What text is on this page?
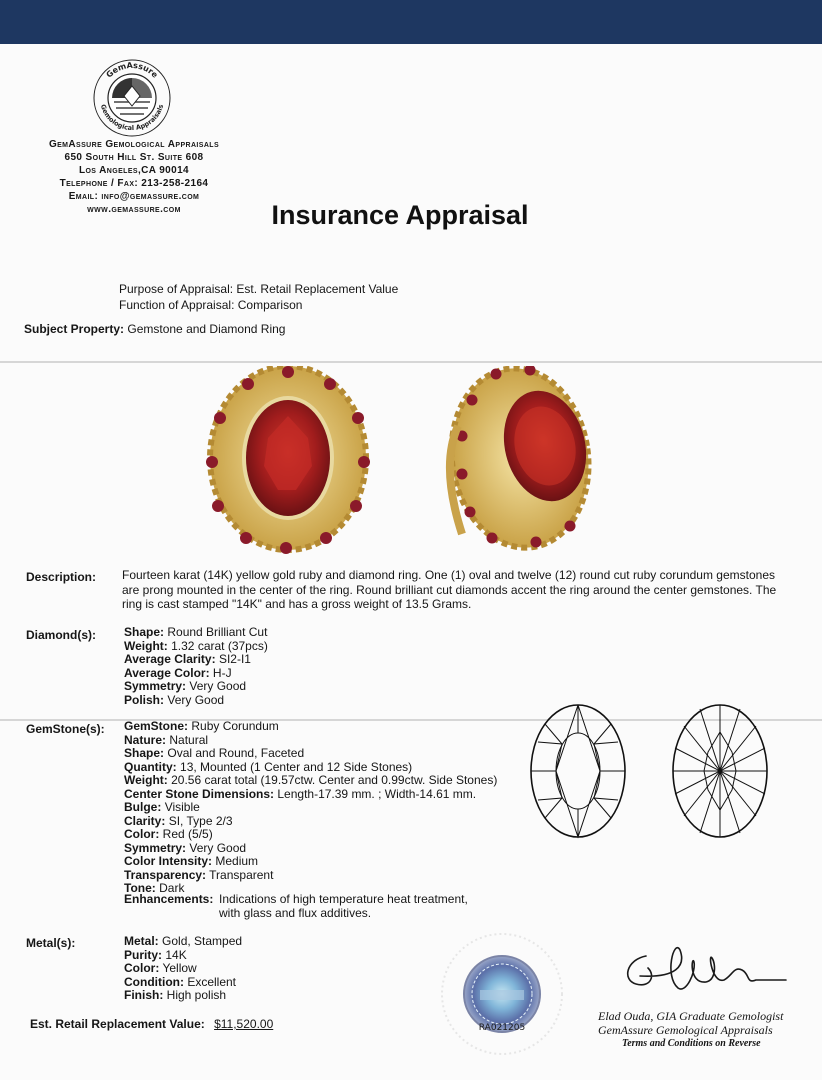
GemAssure
Gemological Appraisals
GemAssure Gemological Appraisals
650 South Hill St. Suite 608
Los Angeles,CA 90014
Telephone / Fax: 213-258-2164
Email: info@gemassure.com
www.gemassure.com	Insurance Appraisal
Purpose of Appraisal: Est. Retail Replacement Value
Function of Appraisal: Comparison
Subject Property: Gemstone and Diamond Ring
Description: Fourteen karat (14K) yellow gold ruby and diamond ring. One (1) oval and twelve (12) round cut ruby corundum gemstones are prong mounted in the center of the ring. Round brilliant cut diamonds accent the ring around the center gemstones. The ring is cast stamped "14K" and has a gross weight of 13.5 Grams.
Diamond(s): Shape: Round Brilliant Cut
Weight: 1.32 carat (37pcs)
Average Clarity: SI2-I1
Average Color: H-J
Symmetry: Very Good
Polish: Very Good
GemStone(s): GemStone: Ruby Corundum
Nature: Natural
Shape: Oval and Round, Faceted
Quantity: 13, Mounted (1 Center and 12 Side Stones)
Weight: 20.56 carat total (19.57ctw. Center and 0.99ctw. Side Stones)
Center Stone Dimensions: Length-17.39 mm. ; Width-14.61 mm.
Bulge: Visible
Clarity: SI, Type 2/3
Color: Red (5/5)
Symmetry: Very Good
Color Intensity: Medium
Transparency: Transparent
Tone: Dark
Enhancements: Indications of high temperature heat treatment,
with glass and flux additives.
Metal(s):	Metal: Gold, Stamped
Purity: 14K
Color: Yellow
Condition: Excellent
Finish: High polish
RA021205
Elad Ouda, GIA Graduate Gemologist
GemAssure Gemological Appraisals
Terms and Conditions on Reverse
Est. Retail Replacement Value: $11,520.00
